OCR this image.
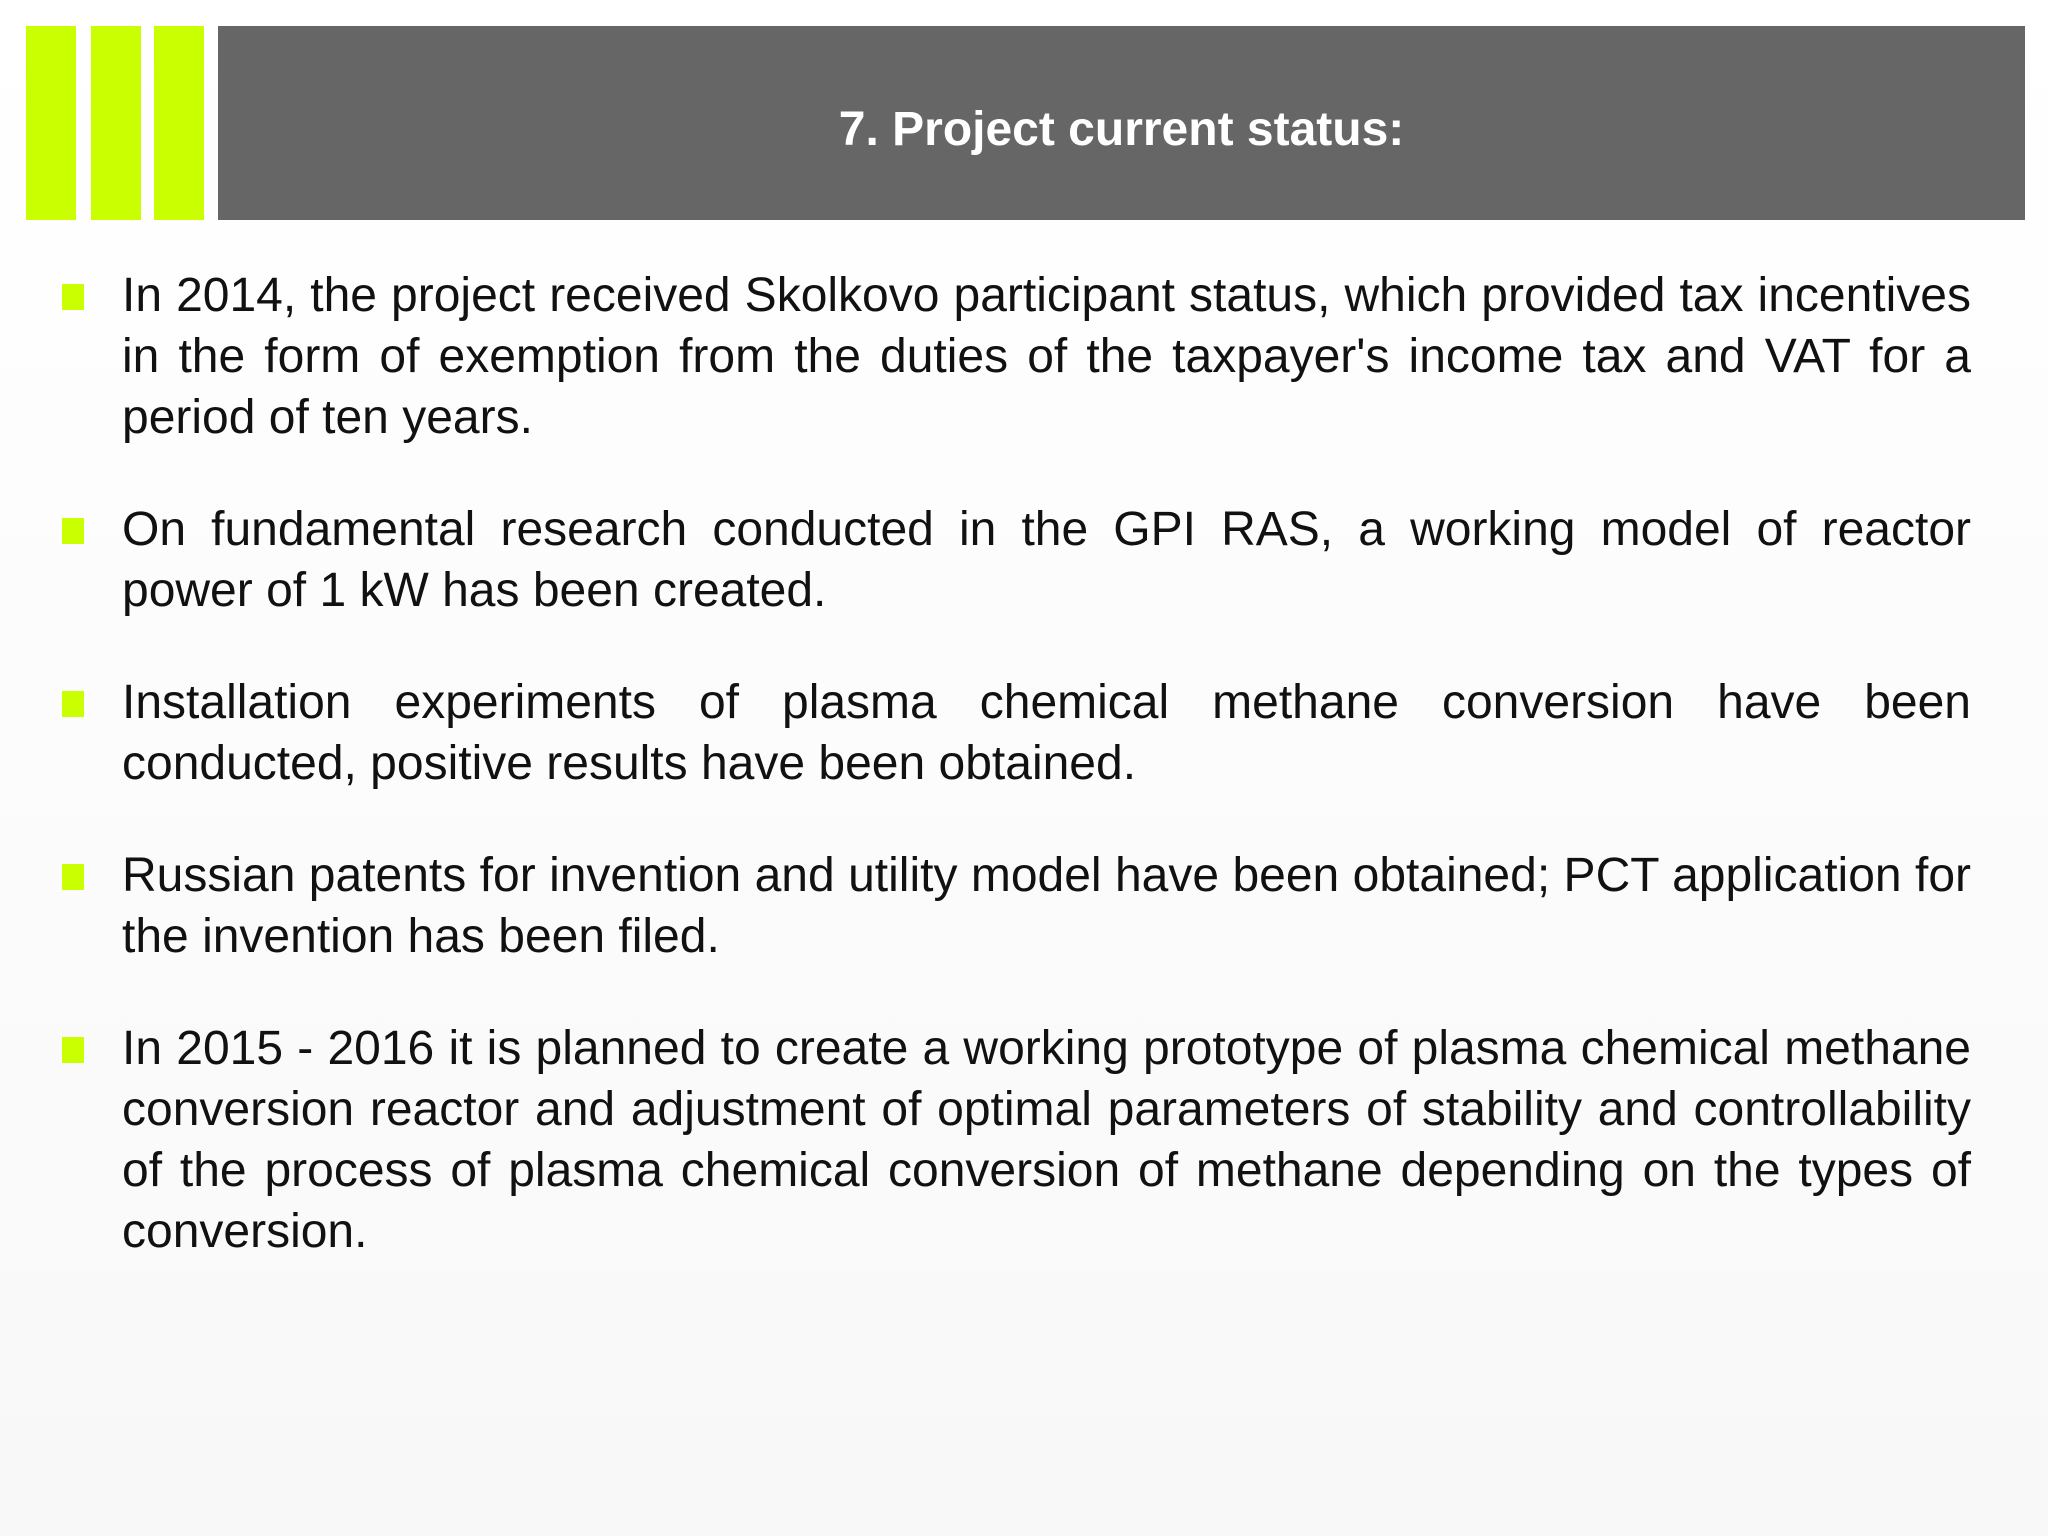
7. Project current status:
In 2014, the project received Skolkovo participant status, which provided tax incentives in the form of exemption from the duties of the taxpayer's income tax and VAT for a period of ten years.
On fundamental research conducted in the GPI RAS, a working model of reactor power of 1 kW has been created.
Installation experiments of plasma chemical methane conversion have been conducted, positive results have been obtained.
Russian patents for invention and utility model have been obtained; PCT application for the invention has been filed.
In 2015 - 2016 it is planned to create a working prototype of plasma chemical methane conversion reactor and adjustment of optimal parameters of stability and controllability of the process of plasma chemical conversion of methane depending on the types of conversion.
